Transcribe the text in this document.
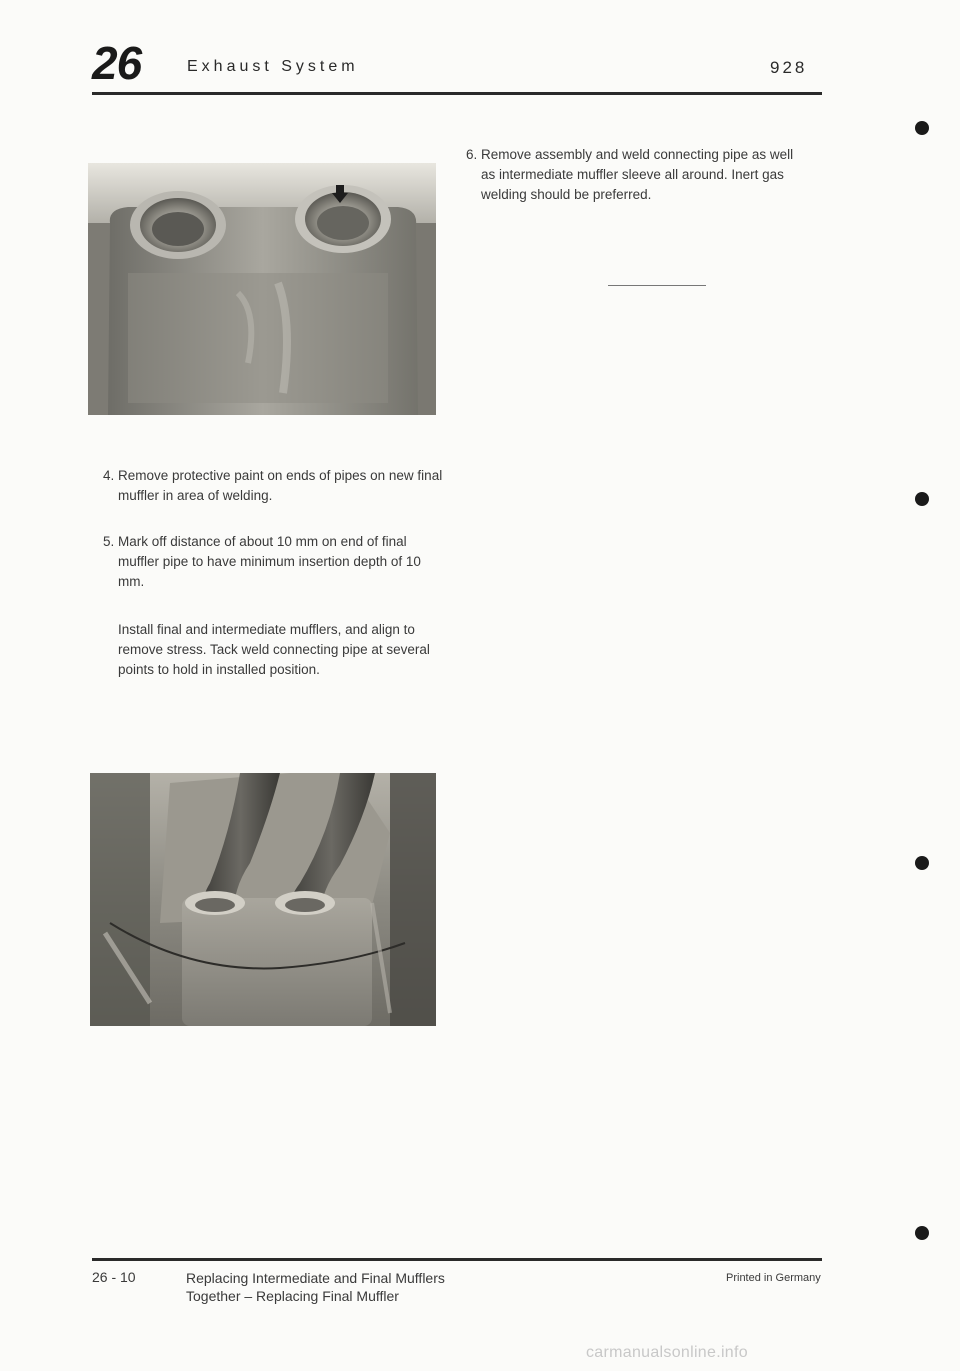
26	Exhaust System	928
4. Remove protective paint on ends of pipes on new final muffler in area of welding.
5. Mark off distance of about 10 mm on end of final muffler pipe to have minimum insertion depth of 10 mm.
Install final and intermediate mufflers, and align to remove stress. Tack weld connecting pipe at several points to hold in installed position.
6. Remove assembly and weld connecting pipe as well as intermediate muffler sleeve all around. Inert gas welding should be preferred.
26 - 10	Replacing Intermediate and Final Mufflers
Together – Replacing Final Muffler
Printed in Germany
carmanualsonline.info
